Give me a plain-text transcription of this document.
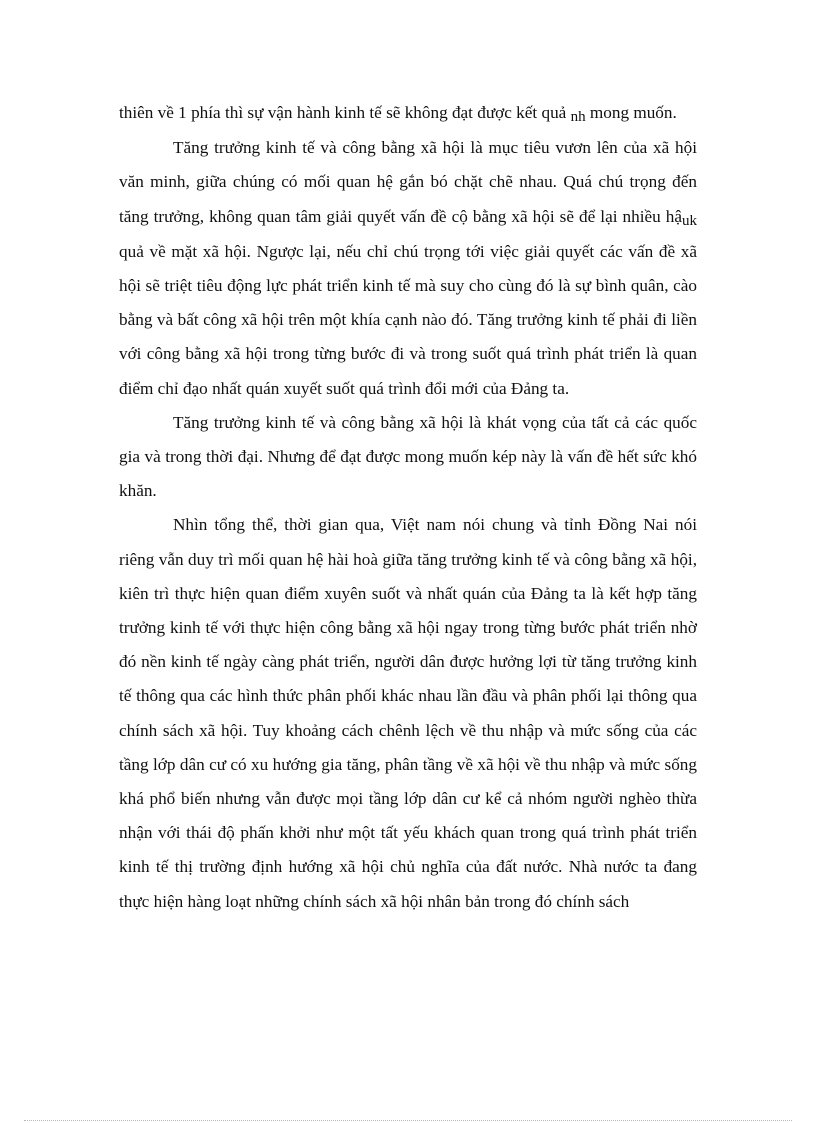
thiên về 1 phía thì sự vận hành kinh tế sẽ không đạt được kết quả nh mong muốn.

Tăng trưởng kinh tế và công bằng xã hội là mục tiêu vươn lên của xã hội văn minh, giữa chúng có mối quan hệ gắn bó chặt chẽ nhau. Quá chú trọng đến tăng trưởng, không quan tâm giải quyết vấn đề cộ bằng xã hội sẽ để lại nhiều hậuk quả về mặt xã hội. Ngược lại, nếu chỉ chú trọng tới việc giải quyết các vấn đề xã hội sẽ triệt tiêu động lực phát triển kinh tế mà suy cho cùng đó là sự bình quân, cào bằng và bất công xã hội trên một khía cạnh nào đó. Tăng trưởng kinh tế phải đi liền với công bằng xã hội trong từng bước đi và trong suốt quá trình phát triển là quan điểm chỉ đạo nhất quán xuyết suốt quá trình đổi mới của Đảng ta.

Tăng trưởng kinh tế và công bằng xã hội là khát vọng của tất cả các quốc gia và trong thời đại. Nhưng để đạt được mong muốn kép này là vấn đề hết sức khó khăn.

Nhìn tổng thể, thời gian qua, Việt nam nói chung và tỉnh Đồng Nai nói riêng vẫn duy trì mối quan hệ hài hoà giữa tăng trưởng kinh tế và công bằng xã hội, kiên trì thực hiện quan điểm xuyên suốt và nhất quán của Đảng ta là kết hợp tăng trưởng kinh tế với thực hiện công bằng xã hội ngay trong từng bước phát triển nhờ đó nền kinh tế ngày càng phát triển, người dân được hưởng lợi từ tăng trưởng kinh tế thông qua các hình thức phân phối khác nhau lần đầu và phân phối lại thông qua chính sách xã hội. Tuy khoảng cách chênh lệch về thu nhập và mức sống của các tầng lớp dân cư có xu hướng gia tăng, phân tầng về xã hội về thu nhập và mức sống khá phổ biến nhưng vẫn được mọi tầng lớp dân cư kể cả nhóm người nghèo thừa nhận với thái độ phấn khởi như một tất yếu khách quan trong quá trình phát triển kinh tế thị trường định hướng xã hội chủ nghĩa của đất nước. Nhà nước ta đang thực hiện hàng loạt những chính sách xã hội nhân bản trong đó chính sách
